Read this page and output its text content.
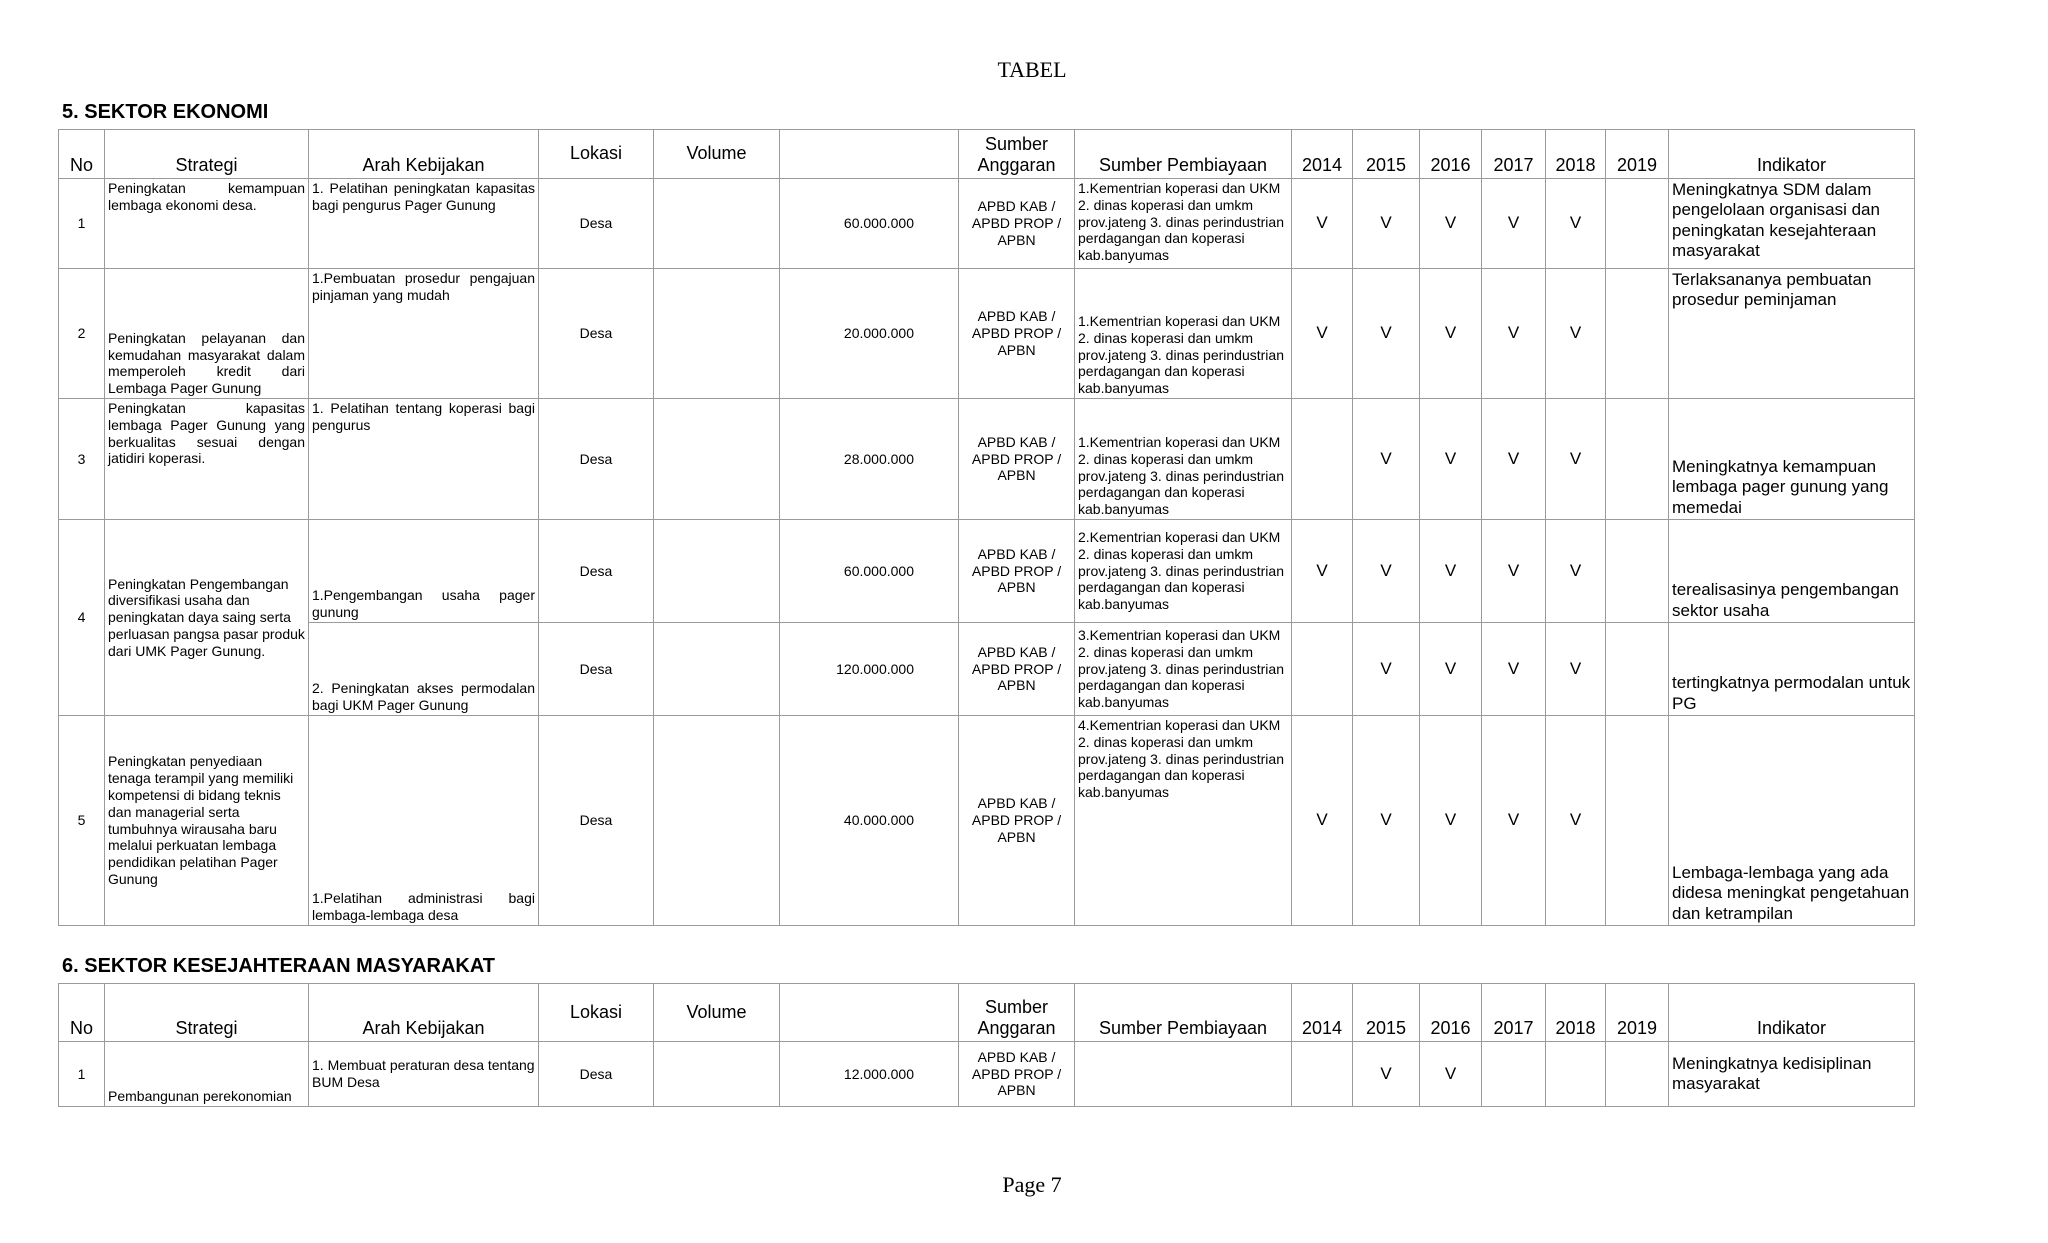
TABEL
5. SEKTOR EKONOMI
No	Strategi	Arah Kebijakan	Lokasi	Volume		Sumber Anggaran	Sumber Pembiayaan	2014	2015	2016	2017	2018	2019	Indikator
1	Peningkatan kemampuan lembaga ekonomi desa.	1. Pelatihan peningkatan kapasitas bagi pengurus Pager Gunung	Desa		60.000.000	APBD KAB / APBD PROP / APBN	1.Kementrian koperasi dan UKM 2. dinas koperasi dan umkm prov.jateng 3. dinas perindustrian perdagangan dan koperasi kab.banyumas	V	V	V	V	V		Meningkatnya SDM dalam pengelolaan organisasi dan peningkatan kesejahteraan masyarakat
2	Peningkatan pelayanan dan kemudahan masyarakat dalam memperoleh kredit dari Lembaga Pager Gunung	1.Pembuatan prosedur pengajuan pinjaman yang mudah	Desa		20.000.000	APBD KAB / APBD PROP / APBN	1.Kementrian koperasi dan UKM 2. dinas koperasi dan umkm prov.jateng 3. dinas perindustrian perdagangan dan koperasi kab.banyumas	V	V	V	V	V		Terlaksananya pembuatan prosedur peminjaman
3	Peningkatan kapasitas lembaga Pager Gunung yang berkualitas sesuai dengan jatidiri koperasi.	1. Pelatihan tentang koperasi bagi pengurus	Desa		28.000.000	APBD KAB / APBD PROP / APBN	1.Kementrian koperasi dan UKM 2. dinas koperasi dan umkm prov.jateng 3. dinas perindustrian perdagangan dan koperasi kab.banyumas		V	V	V	V		Meningkatnya kemampuan lembaga pager gunung yang memedai
4	Peningkatan Pengembangan diversifikasi usaha dan peningkatan daya saing serta perluasan pangsa pasar produk dari UMK Pager Gunung.	1.Pengembangan usaha pager gunung	Desa		60.000.000	APBD KAB / APBD PROP / APBN	2.Kementrian koperasi dan UKM 2. dinas koperasi dan umkm prov.jateng 3. dinas perindustrian perdagangan dan koperasi kab.banyumas	V	V	V	V	V		terealisasinya pengembangan sektor usaha
		2. Peningkatan akses permodalan bagi UKM Pager Gunung	Desa		120.000.000	APBD KAB / APBD PROP / APBN	3.Kementrian koperasi dan UKM 2. dinas koperasi dan umkm prov.jateng 3. dinas perindustrian perdagangan dan koperasi kab.banyumas		V	V	V	V		tertingkatnya permodalan untuk PG
5	Peningkatan penyediaan tenaga terampil yang memiliki kompetensi di bidang teknis dan managerial serta tumbuhnya wirausaha baru melalui perkuatan lembaga pendidikan pelatihan Pager Gunung	1.Pelatihan administrasi bagi lembaga-lembaga desa	Desa		40.000.000	APBD KAB / APBD PROP / APBN	4.Kementrian koperasi dan UKM 2. dinas koperasi dan umkm prov.jateng 3. dinas perindustrian perdagangan dan koperasi kab.banyumas	V	V	V	V	V		Lembaga-lembaga yang ada didesa meningkat pengetahuan dan ketrampilan
6. SEKTOR KESEJAHTERAAN MASYARAKAT
No	Strategi	Arah Kebijakan	Lokasi	Volume		Sumber Anggaran	Sumber Pembiayaan	2014	2015	2016	2017	2018	2019	Indikator
1	Pembangunan perekonomian	1. Membuat peraturan desa tentang BUM Desa	Desa		12.000.000	APBD KAB / APBD PROP / APBN			V	V				Meningkatnya kedisiplinan masyarakat
Page 7
